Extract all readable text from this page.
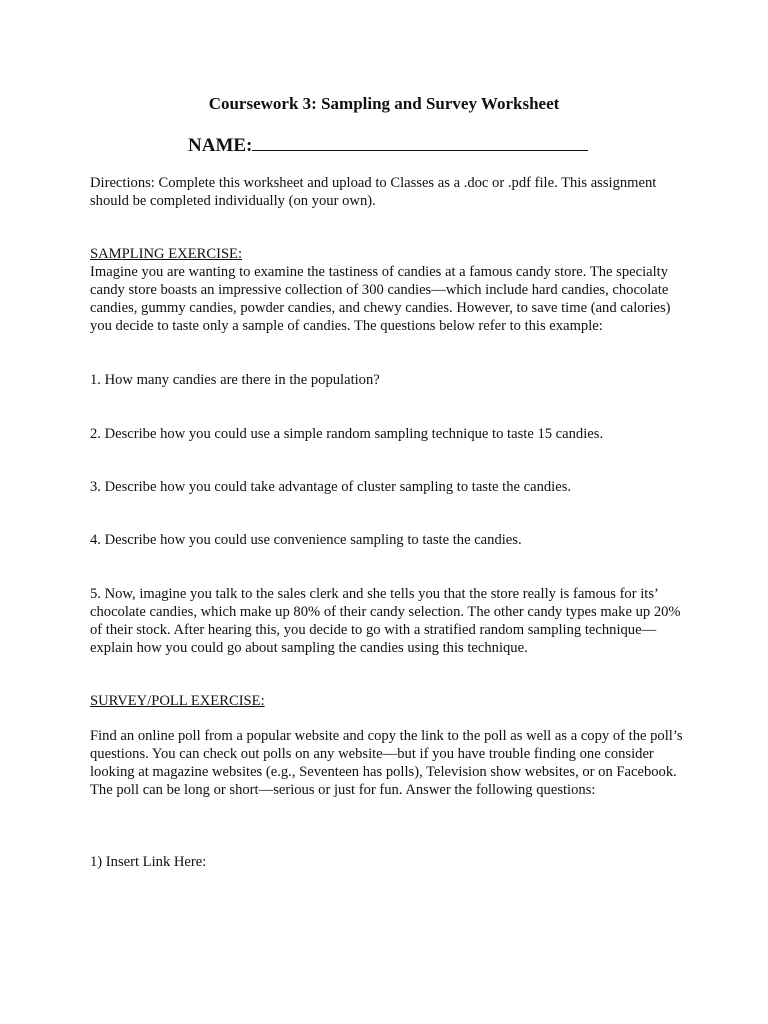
Coursework 3: Sampling and Survey Worksheet

NAME:

Directions: Complete this worksheet and upload to Classes as a .doc or .pdf file. This assignment should be completed individually (on your own).

SAMPLING EXERCISE:

Imagine you are wanting to examine the tastiness of candies at a famous candy store. The specialty candy store boasts an impressive collection of 300 candies—which include hard candies, chocolate candies, gummy candies, powder candies, and chewy candies. However, to save time (and calories) you decide to taste only a sample of candies. The questions below refer to this example:

1. How many candies are there in the population?

2. Describe how you could use a simple random sampling technique to taste 15 candies.

3. Describe how you could take advantage of cluster sampling to taste the candies.

4. Describe how you could use convenience sampling to taste the candies.

5. Now, imagine you talk to the sales clerk and she tells you that the store really is famous for its’ chocolate candies, which make up 80% of their candy selection. The other candy types make up 20% of their stock. After hearing this, you decide to go with a stratified random sampling technique—explain how you could go about sampling the candies using this technique.

SURVEY/POLL EXERCISE:

Find an online poll from a popular website and copy the link to the poll as well as a copy of the poll’s questions. You can check out polls on any website—but if you have trouble finding one consider looking at magazine websites (e.g., Seventeen has polls), Television show websites, or on Facebook. The poll can be long or short—serious or just for fun. Answer the following questions:

1) Insert Link Here:
